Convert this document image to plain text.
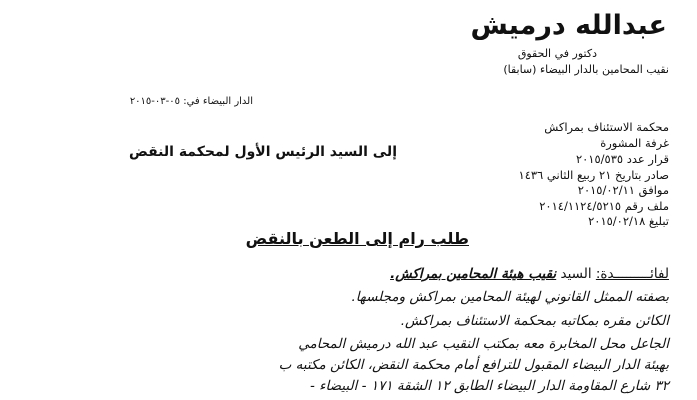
عبدالله درميش
دكتور في الحقوق
نقيب المحامين بالدار البيضاء (سابقا)
الدار البيضاء في: ٠٥-٠٣-٢٠١٥
محكمة الاستئناف بمراكش
غرفة المشورة
قرار عدد ٢٠١٥/٥٣٥
صادر بتاريخ ٢١ ربيع الثاني ١٤٣٦
موافق ٢٠١٥/٠٢/١١
ملف رقم ٢٠١٤/١١٢٤/٥٢١٥
تبليغ ٢٠١٥/٠٢/١٨
إلى السيد الرئيس الأول لمحكمة النقض
طلب رام إلى الطعن بالنقض
لفائـــــــــدة: السيد نقيب هيئة المحامين بمراكش.
بصفته الممثل القانوني لهيئة المحامين بمراكش ومجلسها.
الكائن مقره بمكاتبه بمحكمة الاستئناف بمراكش.
الجاعل محل المخابرة معه بمكتب النقيب عبد الله درميش المحامي
بهيئة الدار البيضاء المقبول للترافع أمام محكمة النقض، الكائن مكتبه ب
٣٢ شارع المقاومة الدار البيضاء الطابق ١٢ الشقة ١٧١ - البيضاء -
